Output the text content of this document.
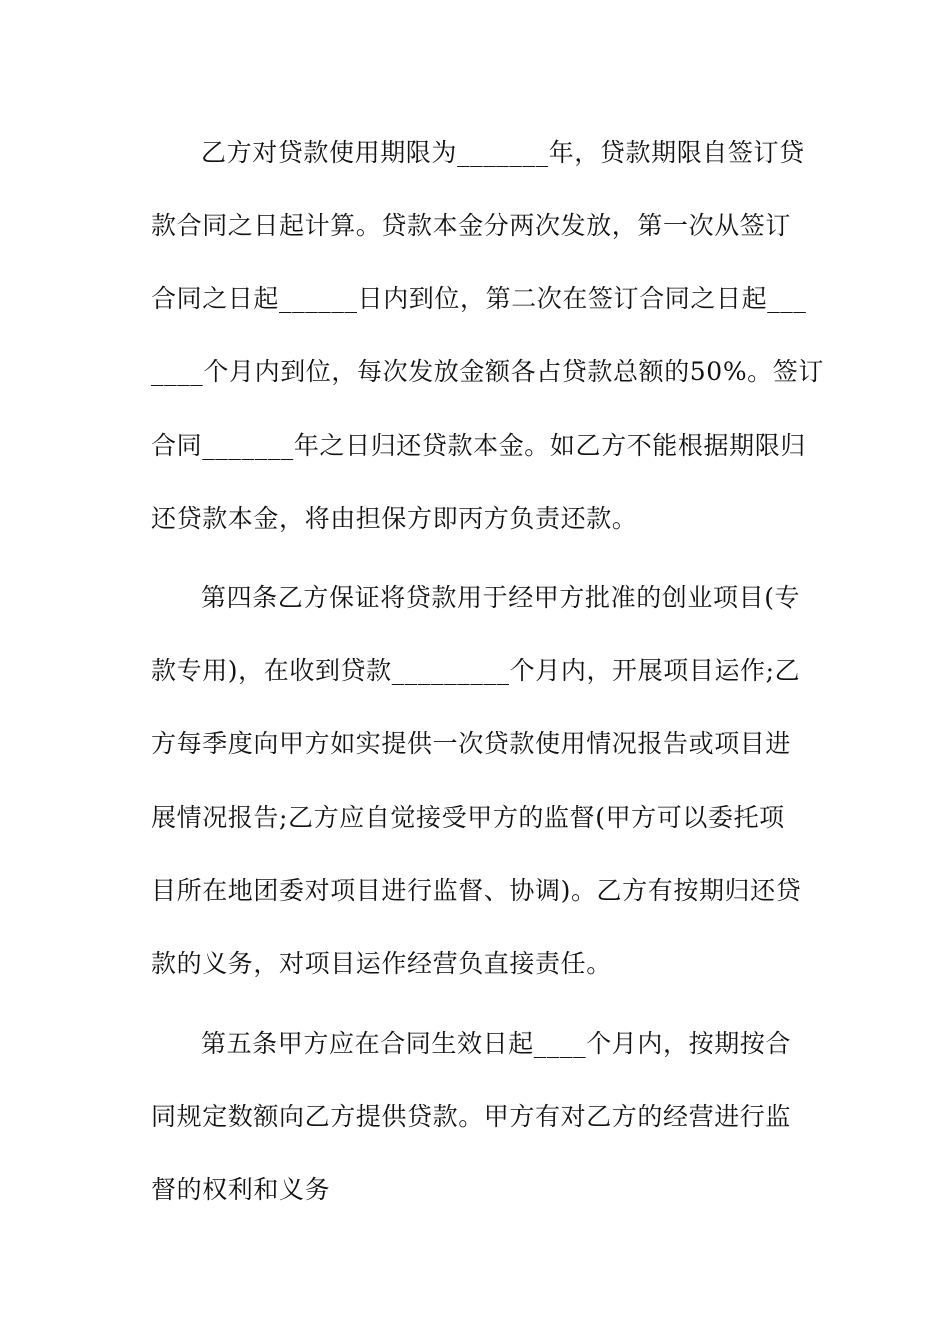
乙方对贷款使用期限为_______年，贷款期限自签订贷
款合同之日起计算。贷款本金分两次发放，第一次从签订
合同之日起______日内到位，第二次在签订合同之日起___
____个月内到位，每次发放金额各占贷款总额的50%。签订
合同_______年之日归还贷款本金。如乙方不能根据期限归
还贷款本金，将由担保方即丙方负责还款。
第四条乙方保证将贷款用于经甲方批准的创业项目(专
款专用)，在收到贷款_________个月内，开展项目运作;乙
方每季度向甲方如实提供一次贷款使用情况报告或项目进
展情况报告;乙方应自觉接受甲方的监督(甲方可以委托项
目所在地团委对项目进行监督、协调)。乙方有按期归还贷
款的义务，对项目运作经营负直接责任。
第五条甲方应在合同生效日起____个月内，按期按合
同规定数额向乙方提供贷款。甲方有对乙方的经营进行监
督的权利和义务
